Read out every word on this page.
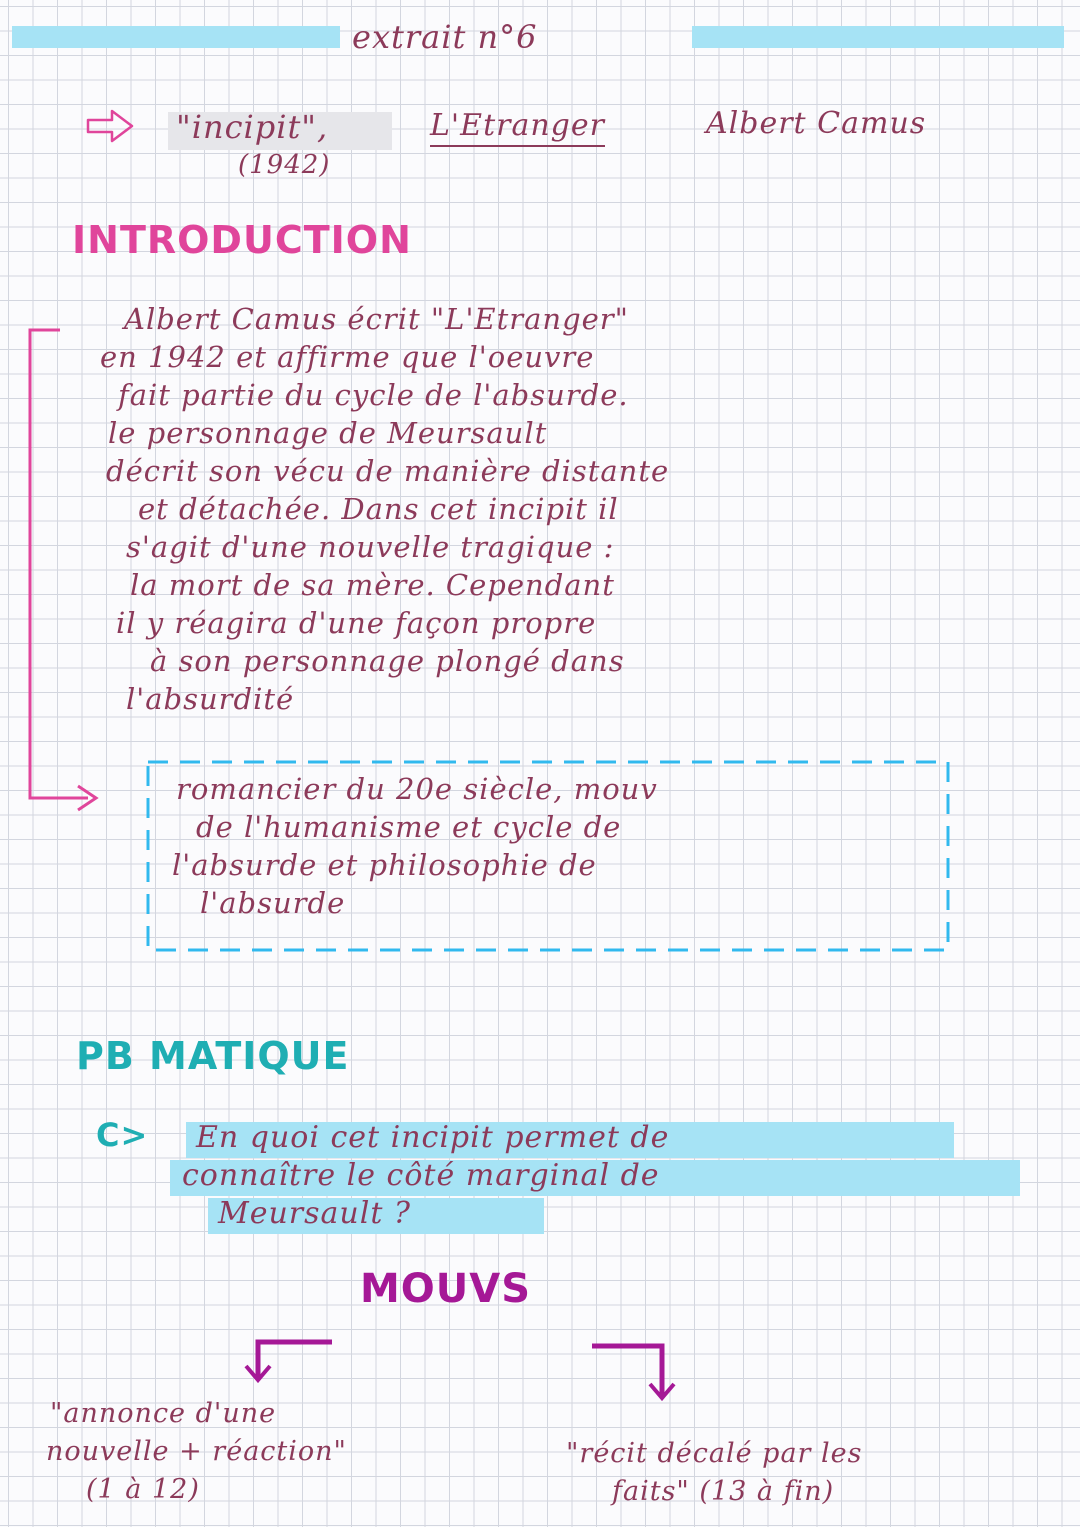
extrait n°6
"incipit",	L'Etranger	Albert Camus
(1942)
INTRODUCTION
Albert Camus écrit "L'Etranger"
en 1942 et affirme que l'oeuvre
fait partie du cycle de l'absurde.
le personnage de Meursault
décrit son vécu de manière distante
et détachée. Dans cet incipit il
s'agit d'une nouvelle tragique :
la mort de sa mère. Cependant
il y réagira d'une façon propre
à son personnage plongé dans
l'absurdité
romancier du 20e siècle, mouv
de l'humanisme et cycle de
l'absurde et philosophie de
l'absurde
PB MATIQUE
C> En quoi cet incipit permet de
connaître le côté marginal de
Meursault ?
MOUVS
"annonce d'une
nouvelle + réaction"
(1 à 12)
"récit décalé par les
faits" (13 à fin)
